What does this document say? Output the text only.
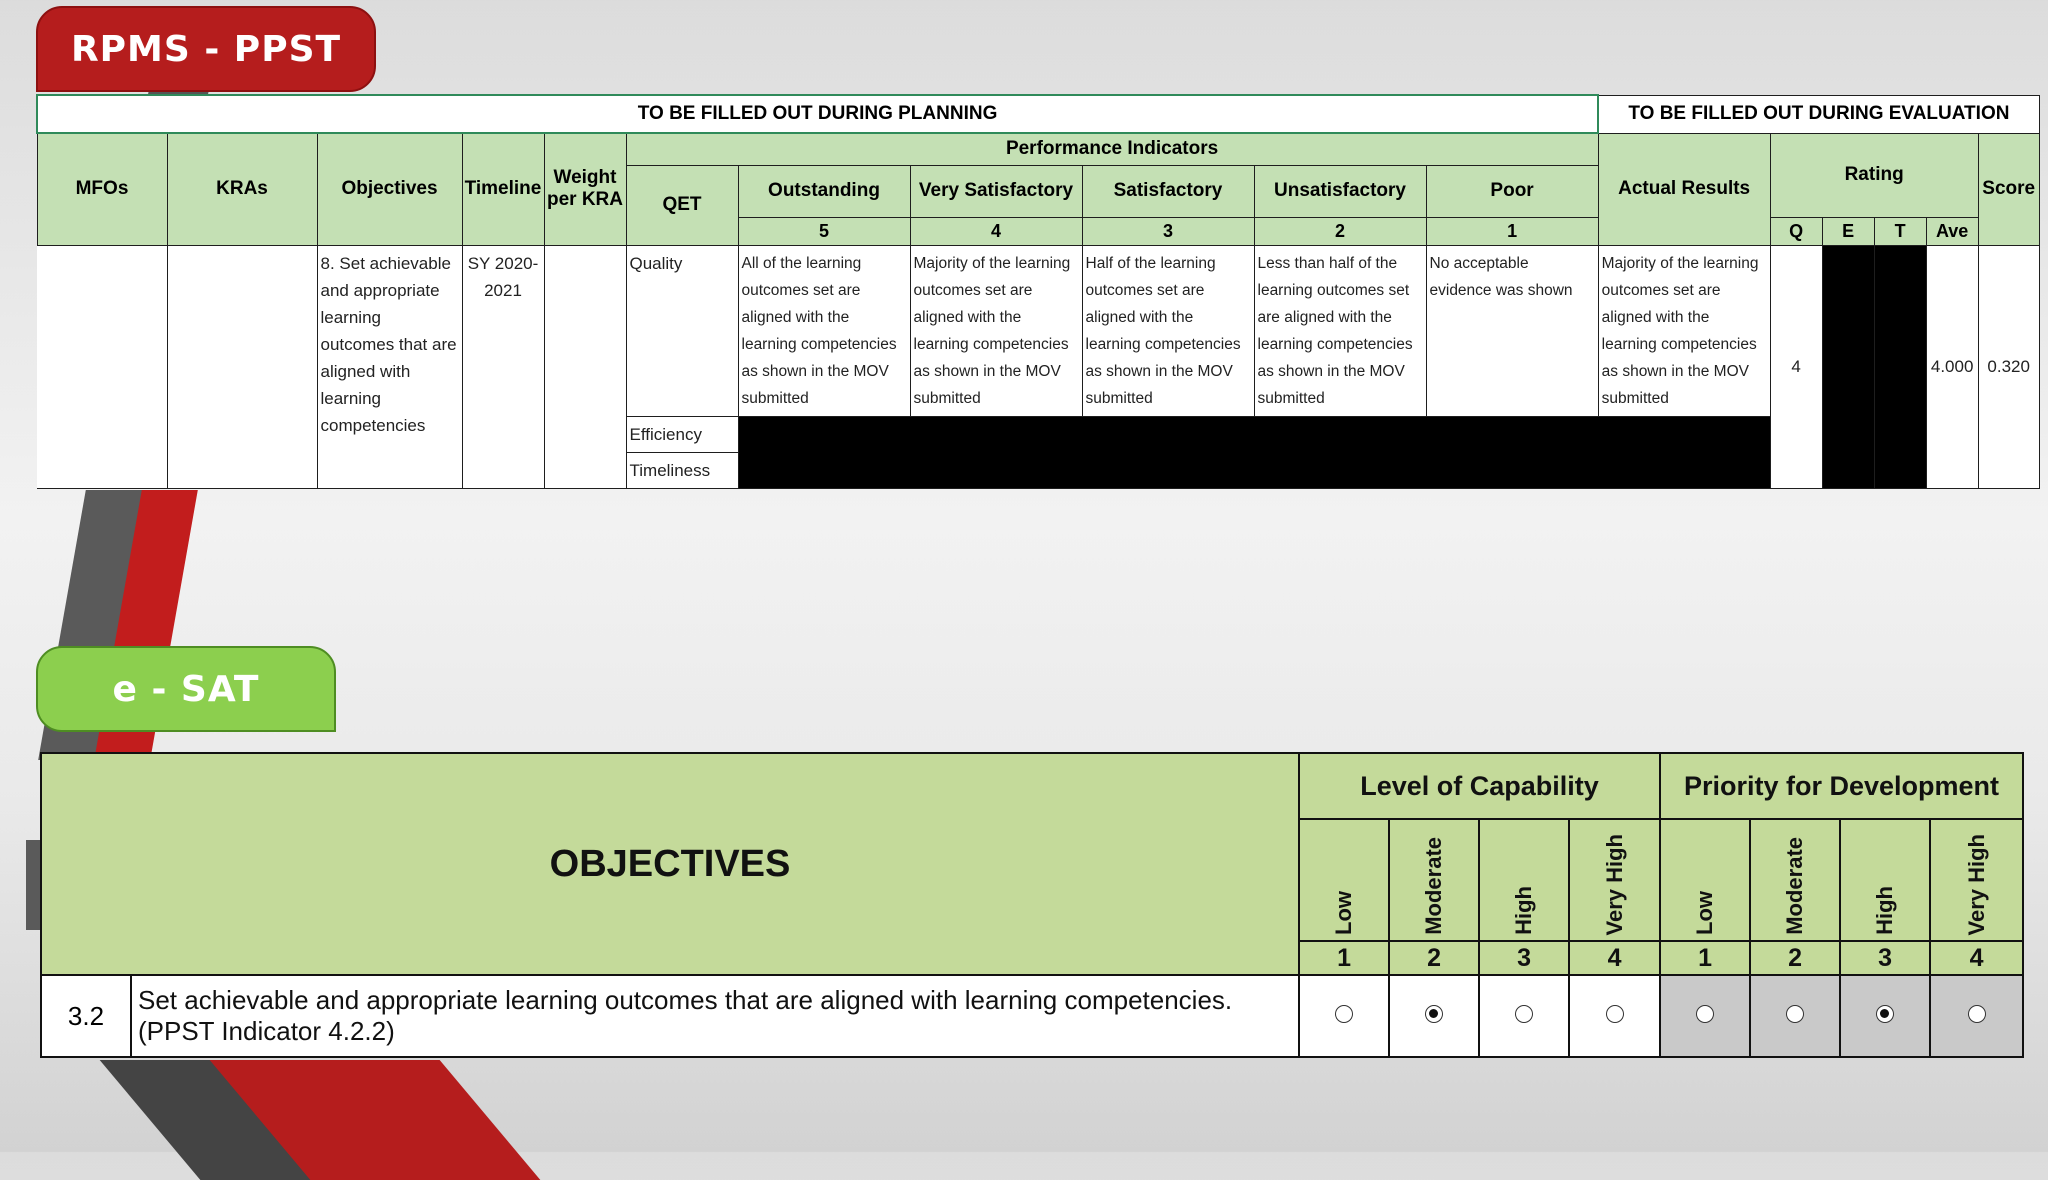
RPMS - PPST
e - SAT
TO BE FILLED OUT DURING PLANNING											TO BE FILLED OUT DURING EVALUATION					
MFOs	KRAs	Objectives	Timeline	Weight per KRA	Performance Indicators						Actual Results	Rating				Score
					QET	Outstanding	Very Satisfactory	Satisfactory	Unsatisfactory	Poor						
						5	4	3	2	1		Q	E	T	Ave	
		8. Set achievable and appropriate learning outcomes that are aligned with learning competencies	SY 2020-2021		Quality	All of the learning outcomes set are aligned with the learning competencies as shown in the MOV submitted	Majority of the learning outcomes set are aligned with the learning competencies as shown in the MOV submitted	Half of the learning outcomes set are aligned with the learning competencies as shown in the MOV submitted	Less than half of the learning outcomes set are aligned with the learning competencies as shown in the MOV submitted	No acceptable evidence was shown	Majority of the learning outcomes set are aligned with the learning competencies as shown in the MOV submitted	4			4.000	0.320
					Efficiency											
					Timeliness											
OBJECTIVES		Level of Capability				Priority for Development			
		Low	Moderate	High	Very High	Low	Moderate	High	Very High
		1	2	3	4	1	2	3	4
3.2	Set achievable and appropriate learning outcomes that are aligned with learning competencies. (PPST Indicator 4.2.2)								
